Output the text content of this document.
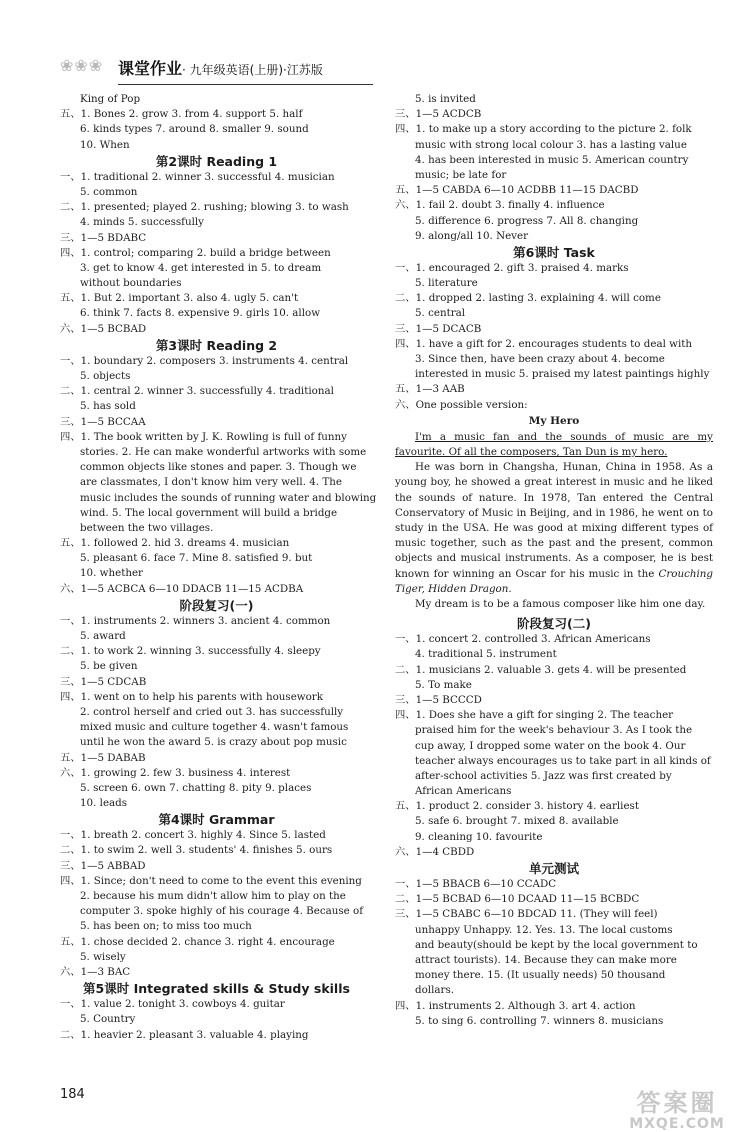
❀❀❀ 课堂作业· 九年级英语(上册)·江苏版
King of Pop
五、1. Bones 2. grow 3. from 4. support 5. half
6. kinds types 7. around 8. smaller 9. sound
10. When
第2课时 Reading 1
一、1. traditional 2. winner 3. successful 4. musician
5. common
二、1. presented; played 2. rushing; blowing 3. to wash
4. minds 5. successfully
三、1—5 BDABC
四、1. control; comparing 2. build a bridge between
3. get to know 4. get interested in 5. to dream
without boundaries
五、1. But 2. important 3. also 4. ugly 5. can't
6. think 7. facts 8. expensive 9. girls 10. allow
六、1—5 BCBAD
第3课时 Reading 2
一、1. boundary 2. composers 3. instruments 4. central
5. objects
二、1. central 2. winner 3. successfully 4. traditional
5. has sold
三、1—5 BCCAA
四、1. The book written by J. K. Rowling is full of funny
stories. 2. He can make wonderful artworks with some
common objects like stones and paper. 3. Though we
are classmates, I don't know him very well. 4. The
music includes the sounds of running water and blowing
wind. 5. The local government will build a bridge
between the two villages.
五、1. followed 2. hid 3. dreams 4. musician
5. pleasant 6. face 7. Mine 8. satisfied 9. but
10. whether
六、1—5 ACBCA 6—10 DDACB 11—15 ACDBA
阶段复习(一)
一、1. instruments 2. winners 3. ancient 4. common
5. award
二、1. to work 2. winning 3. successfully 4. sleepy
5. be given
三、1—5 CDCAB
四、1. went on to help his parents with housework
2. control herself and cried out 3. has successfully
mixed music and culture together 4. wasn't famous
until he won the award 5. is crazy about pop music
五、1—5 DABAB
六、1. growing 2. few 3. business 4. interest
5. screen 6. own 7. chatting 8. pity 9. places
10. leads
第4课时 Grammar
一、1. breath 2. concert 3. highly 4. Since 5. lasted
二、1. to swim 2. well 3. students' 4. finishes 5. ours
三、1—5 ABBAD
四、1. Since; don't need to come to the event this evening
2. because his mum didn't allow him to play on the
computer 3. spoke highly of his courage 4. Because of
5. has been on; to miss too much
五、1. chose decided 2. chance 3. right 4. encourage
5. wisely
六、1—3 BAC
第5课时 Integrated skills & Study skills
一、1. value 2. tonight 3. cowboys 4. guitar
5. Country
二、1. heavier 2. pleasant 3. valuable 4. playing
5. is invited
三、1—5 ACDCB
四、1. to make up a story according to the picture 2. folk
music with strong local colour 3. has a lasting value
4. has been interested in music 5. American country
music; be late for
五、1—5 CABDA 6—10 ACDBB 11—15 DACBD
六、1. fail 2. doubt 3. finally 4. influence
5. difference 6. progress 7. All 8. changing
9. along/all 10. Never
第6课时 Task
一、1. encouraged 2. gift 3. praised 4. marks
5. literature
二、1. dropped 2. lasting 3. explaining 4. will come
5. central
三、1—5 DCACB
四、1. have a gift for 2. encourages students to deal with
3. Since then, have been crazy about 4. become
interested in music 5. praised my latest paintings highly
五、1—3 AAB
六、One possible version:
My Hero

I'm a music fan and the sounds of music are my favourite. Of all the composers, Tan Dun is my hero.

He was born in Changsha, Hunan, China in 1958. As a young boy, he showed a great interest in music and he liked the sounds of nature. In 1978, Tan entered the Central Conservatory of Music in Beijing, and in 1986, he went on to study in the USA. He was good at mixing different types of music together, such as the past and the present, common objects and musical instruments. As a composer, he is best known for winning an Oscar for his music in the Crouching Tiger, Hidden Dragon.

My dream is to be a famous composer like him one day.

阶段复习(二)
一、1. concert 2. controlled 3. African Americans
4. traditional 5. instrument
二、1. musicians 2. valuable 3. gets 4. will be presented
5. To make
三、1—5 BCCCD
四、1. Does she have a gift for singing 2. The teacher
praised him for the week's behaviour 3. As I took the
cup away, I dropped some water on the book 4. Our
teacher always encourages us to take part in all kinds of
after-school activities 5. Jazz was first created by
African Americans
五、1. product 2. consider 3. history 4. earliest
5. safe 6. brought 7. mixed 8. available
9. cleaning 10. favourite
六、1—4 CBDD
单元测试
一、1—5 BBACB 6—10 CCADC
二、1—5 BCBAD 6—10 DCAAD 11—15 BCBDC
三、1—5 CBABC 6—10 BDCAD 11. (They will feel)
unhappy Unhappy. 12. Yes. 13. The local customs
and beauty(should be kept by the local government to
attract tourists). 14. Because they can make more
money there. 15. (It usually needs) 50 thousand
dollars.
四、1. instruments 2. Although 3. art 4. action
5. to sing 6. controlling 7. winners 8. musicians
184	答案圈
MXQE.COM
